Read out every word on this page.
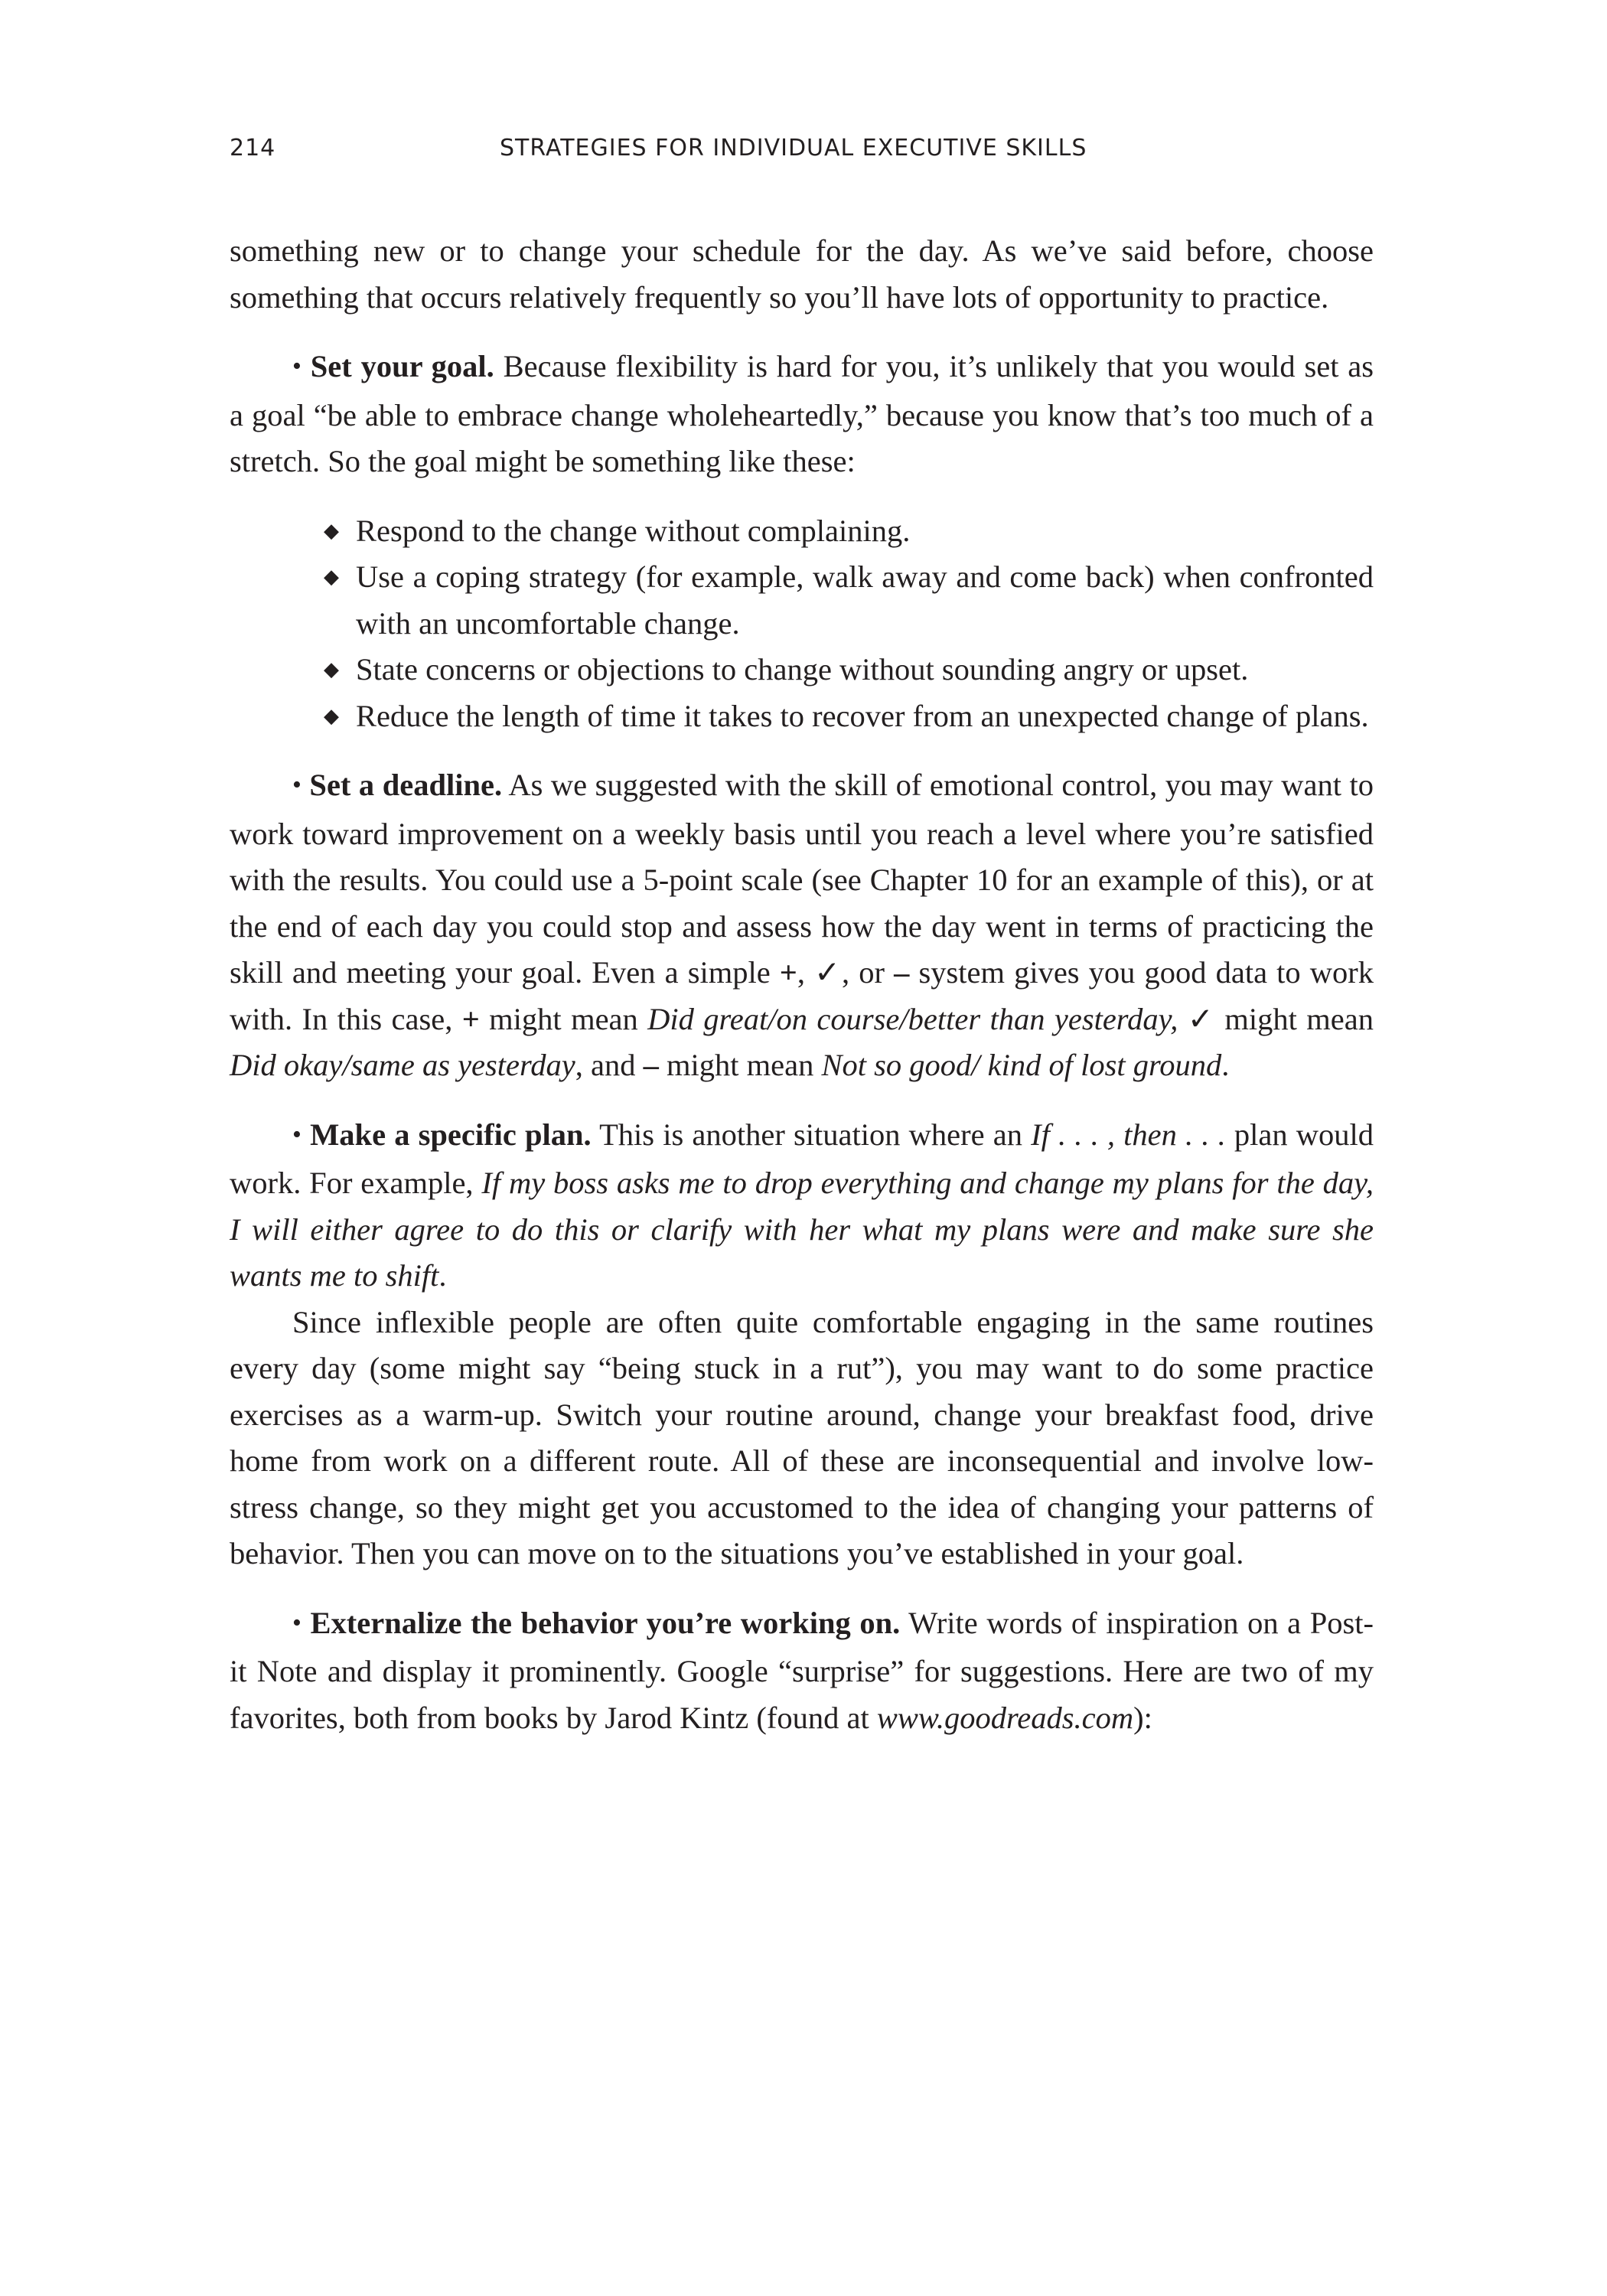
214	STRATEGIES FOR INDIVIDUAL EXECUTIVE SKILLS

something new or to change your schedule for the day. As we’ve said before, choose something that occurs relatively frequently so you’ll have lots of opportunity to practice.

• Set your goal. Because flexibility is hard for you, it’s unlikely that you would set as a goal “be able to embrace change wholeheartedly,” because you know that’s too much of a stretch. So the goal might be something like these:

◆ Respond to the change without complaining.
◆ Use a coping strategy (for example, walk away and come back) when confronted with an uncomfortable change.
◆ State concerns or objections to change without sounding angry or upset.
◆ Reduce the length of time it takes to recover from an unexpected change of plans.

• Set a deadline. As we suggested with the skill of emotional control, you may want to work toward improvement on a weekly basis until you reach a level where you’re satisfied with the results. You could use a 5-point scale (see Chapter 10 for an example of this), or at the end of each day you could stop and assess how the day went in terms of practicing the skill and meeting your goal. Even a simple +, ✓, or – system gives you good data to work with. In this case, + might mean Did great/on course/better than yesterday, ✓ might mean Did okay/same as yesterday, and – might mean Not so good/ kind of lost ground.

• Make a specific plan. This is another situation where an If . . . , then . . . plan would work. For example, If my boss asks me to drop everything and change my plans for the day, I will either agree to do this or clarify with her what my plans were and make sure she wants me to shift.

Since inflexible people are often quite comfortable engaging in the same routines every day (some might say “being stuck in a rut”), you may want to do some practice exercises as a warm-up. Switch your routine around, change your breakfast food, drive home from work on a different route. All of these are inconsequential and involve low-stress change, so they might get you accustomed to the idea of changing your patterns of behavior. Then you can move on to the situations you’ve established in your goal.

• Externalize the behavior you’re working on. Write words of inspiration on a Post-it Note and display it prominently. Google “surprise” for suggestions. Here are two of my favorites, both from books by Jarod Kintz (found at www.​goodreads.com):
